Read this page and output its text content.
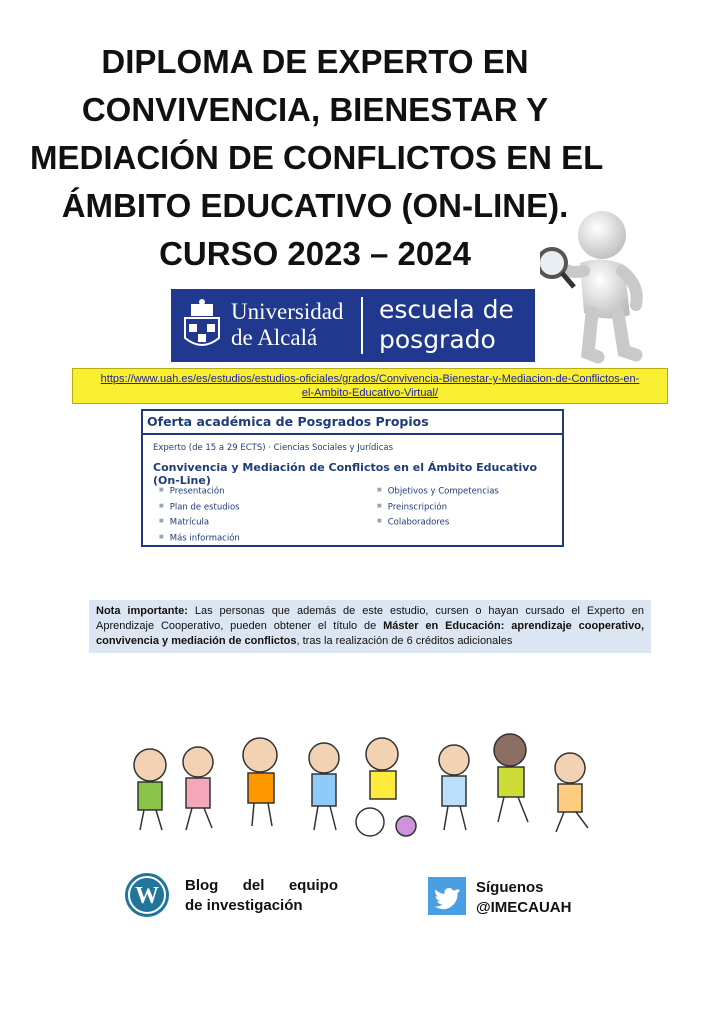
DIPLOMA DE EXPERTO EN
CONVIVENCIA, BIENESTAR Y
MEDIACIÓN DE CONFLICTOS EN EL
ÁMBITO EDUCATIVO (ON-LINE).
CURSO 2023 – 2024
Universidad
de Alcalá
escuela de
posgrado
https://www.uah.es/es/estudios/estudios-oficiales/grados/Convivencia-Bienestar-y-Mediacion-de-Conflictos-en-
el-Ambito-Educativo-Virtual/
Oferta académica de Posgrados Propios
Experto (de 15 a 29 ECTS) · Ciencias Sociales y Jurídicas
Convivencia y Mediación de Conflictos en el Ámbito Educativo (On-Line)
■ Presentación
■ Plan de estudios
■ Matrícula
■ Más información
■ Objetivos y Competencias
■ Preinscripción
■ Colaboradores
Nota importante: Las personas que además de este estudio, cursen o hayan cursado el Experto en Aprendizaje Cooperativo, pueden obtener el título de Máster en Educación: aprendizaje cooperativo, convivencia y mediación de conflictos, tras la realización de 6 créditos adicionales
W Blog del equipo
de investigación
Síguenos
@IMECAUAH
